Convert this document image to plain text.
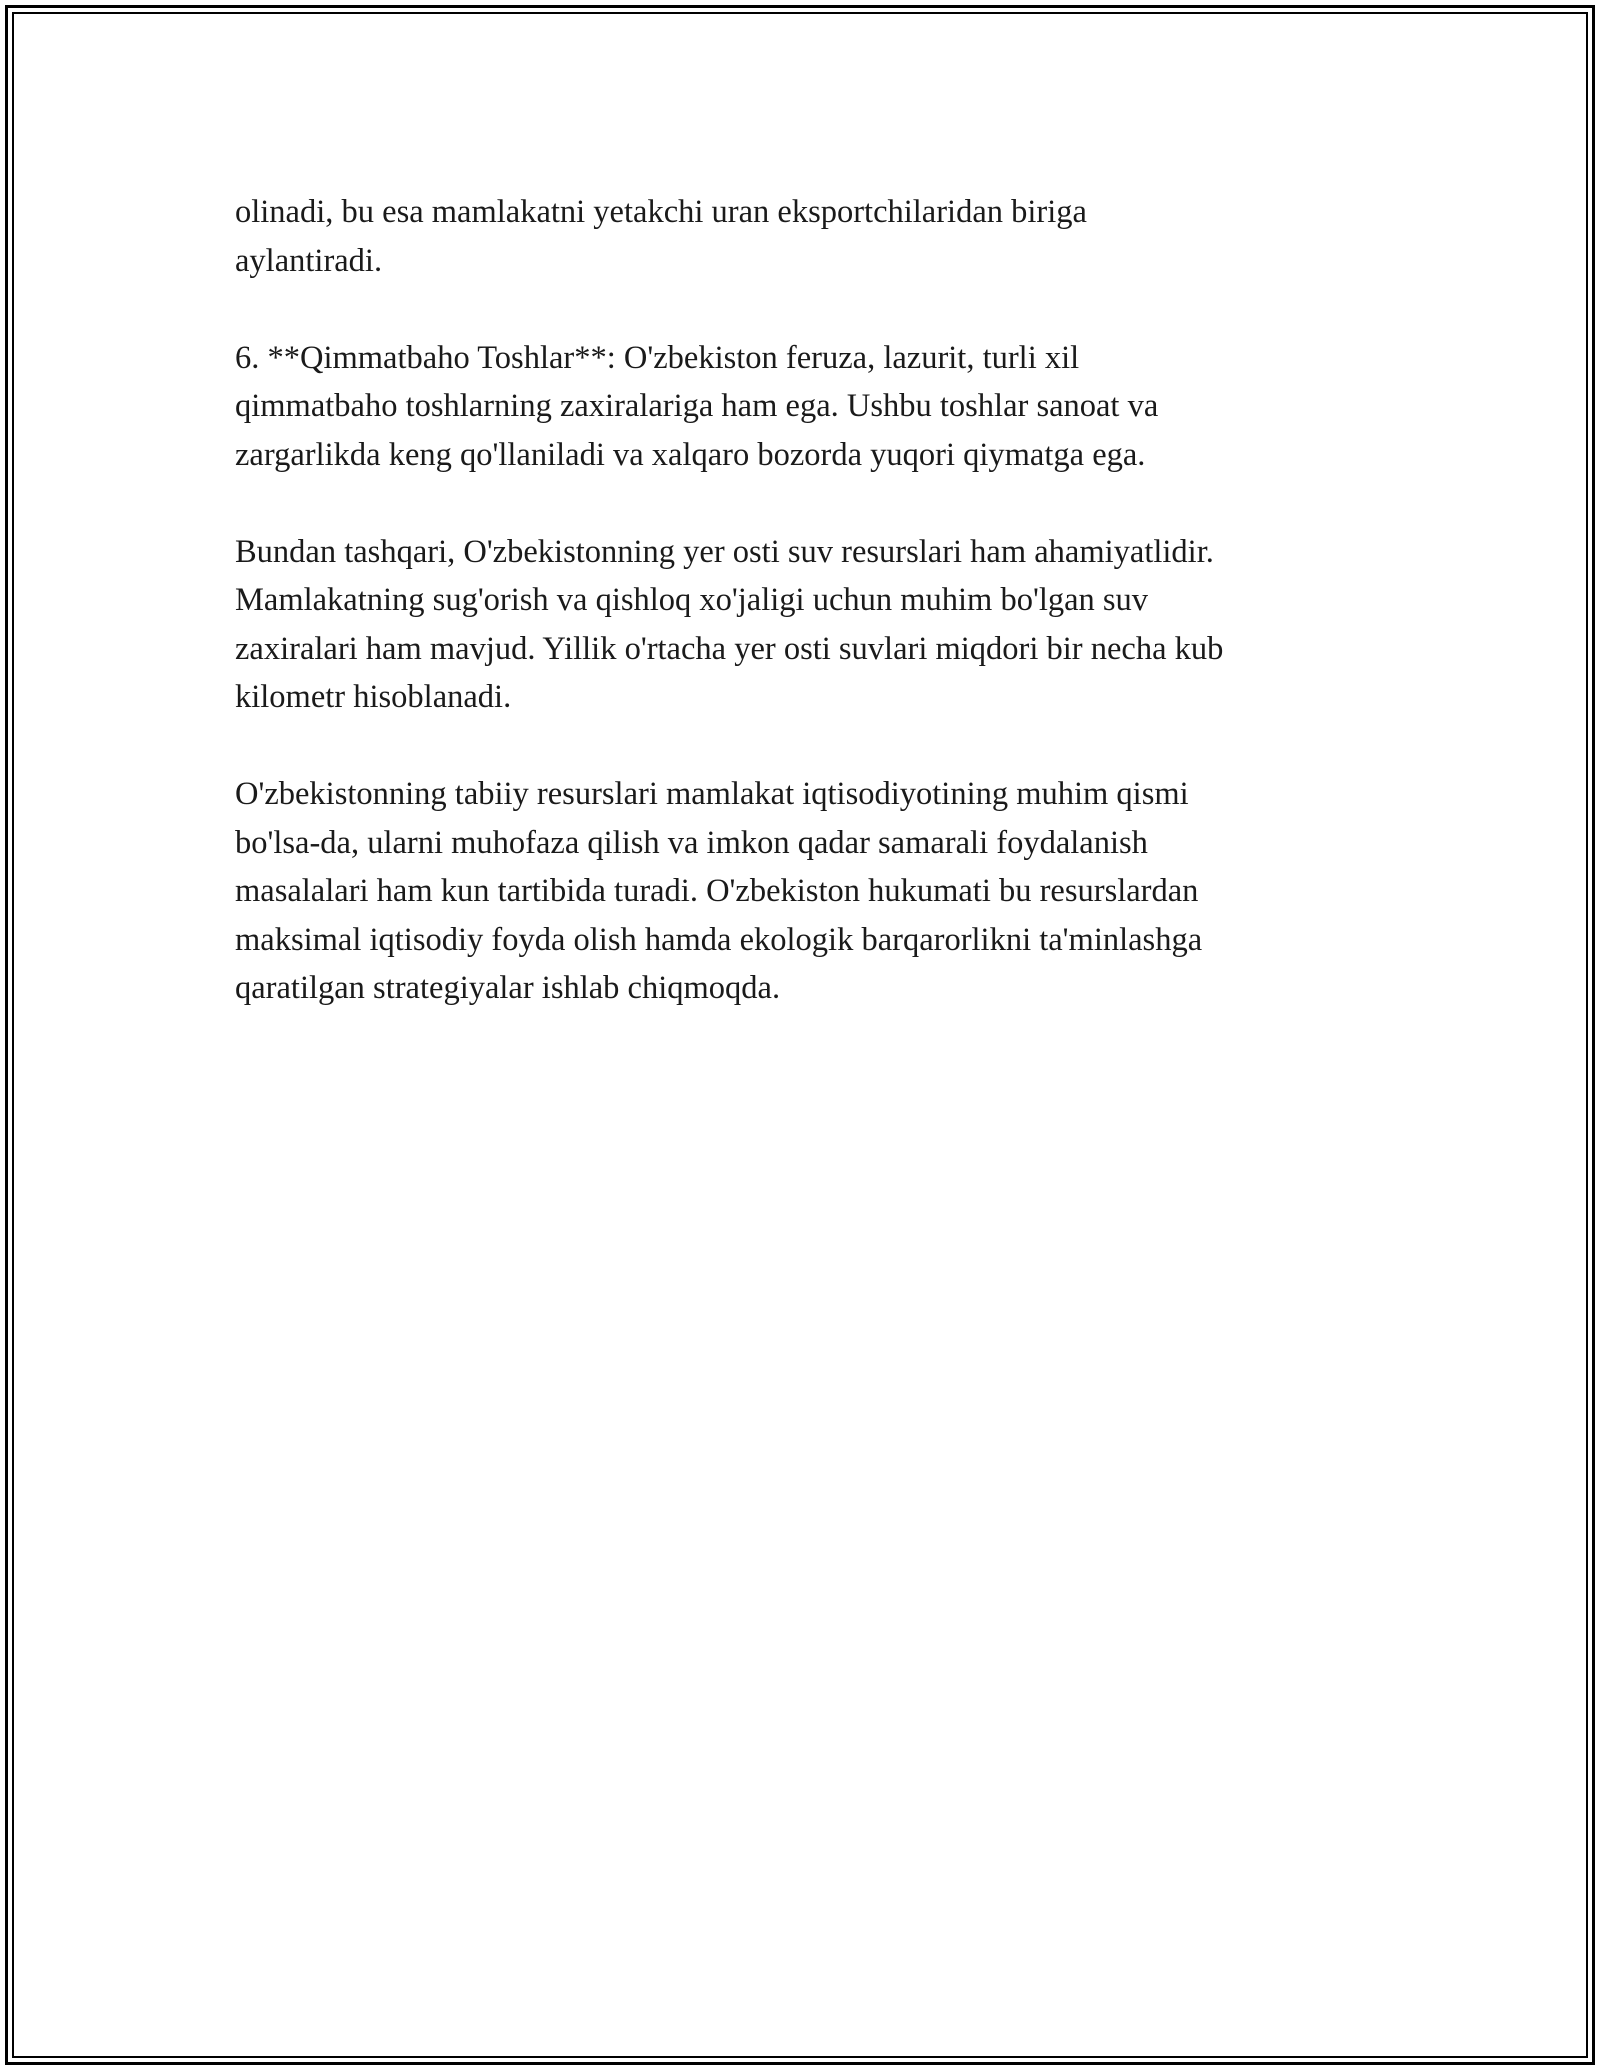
olinadi, bu esa mamlakatni yetakchi uran eksportchilaridan biriga
aylantiradi.

6. **Qimmatbaho Toshlar**: O'zbekiston feruza, lazurit, turli xil
qimmatbaho toshlarning zaxiralariga ham ega. Ushbu toshlar sanoat va
zargarlikda keng qo'llaniladi va xalqaro bozorda yuqori qiymatga ega.

Bundan tashqari, O'zbekistonning yer osti suv resurslari ham ahamiyatlidir.
Mamlakatning sug'orish va qishloq xo'jaligi uchun muhim bo'lgan suv
zaxiralari ham mavjud. Yillik o'rtacha yer osti suvlari miqdori bir necha kub
kilometr hisoblanadi.

O'zbekistonning tabiiy resurslari mamlakat iqtisodiyotining muhim qismi
bo'lsa-da, ularni muhofaza qilish va imkon qadar samarali foydalanish
masalalari ham kun tartibida turadi. O'zbekiston hukumati bu resurslardan
maksimal iqtisodiy foyda olish hamda ekologik barqarorlikni ta'minlashga
qaratilgan strategiyalar ishlab chiqmoqda.
